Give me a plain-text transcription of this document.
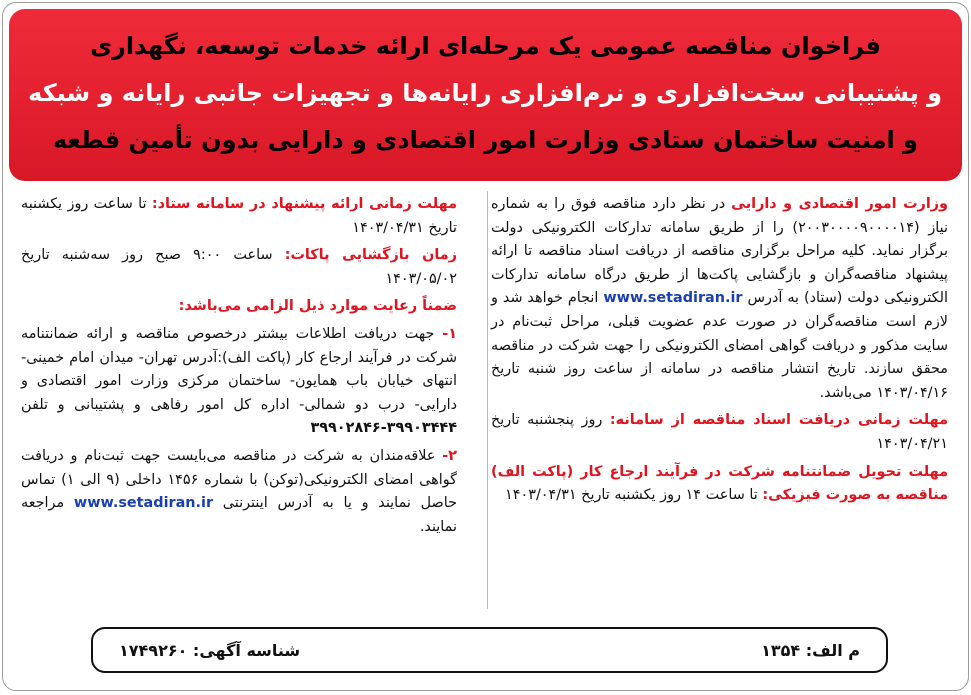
فراخوان مناقصه عمومی یک مرحله‌ای ارائه خدمات توسعه، نگهداری
و پشتیبانی سخت‌افزاری و نرم‌افزاری رایانه‌ها و تجهیزات جانبی رایانه و شبکه
و امنیت ساختمان ستادی وزارت امور اقتصادی و دارایی بدون تأمین قطعه

وزارت امور اقتصادی و دارایی در نظر دارد مناقصه فوق را به شماره نیاز (۲۰۰۳۰۰۰۰۹۰۰۰۰۱۴) را از طریق سامانه تدارکات الکترونیکی دولت برگزار نماید. کلیه مراحل برگزاری مناقصه از دریافت اسناد مناقصه تا ارائه پیشنهاد مناقصه‌گران و بازگشایی پاکت‌ها از طریق درگاه سامانه تدارکات الکترونیکی دولت (ستاد) به آدرس www.setadiran.ir انجام خواهد شد و لازم است مناقصه‌گران در صورت عدم عضویت قبلی، مراحل ثبت‌نام در سایت مذکور و دریافت گواهی امضای الکترونیکی را جهت شرکت در مناقصه محقق سازند. تاریخ انتشار مناقصه در سامانه از ساعت روز شنبه تاریخ ۱۴۰۳/۰۴/۱۶ می‌باشد.

مهلت زمانی دریافت اسناد مناقصه از سامانه: روز پنجشنبه تاریخ ۱۴۰۳/۰۴/۲۱

مهلت تحویل ضمانتنامه شرکت در فرآیند ارجاع کار (پاکت الف) مناقصه به صورت فیزیکی: تا ساعت ۱۴ روز یکشنبه تاریخ ۱۴۰۳/۰۴/۳۱

مهلت زمانی ارائه پیشنهاد در سامانه ستاد: تا ساعت روز یکشنبه تاریخ ۱۴۰۳/۰۴/۳۱

زمان بازگشایی پاکات: ساعت ۹:۰۰ صبح روز سه‌شنبه تاریخ ۱۴۰۳/۰۵/۰۲

ضمناً رعایت موارد ذیل الزامی می‌باشد:

۱- جهت دریافت اطلاعات بیشتر درخصوص مناقصه و ارائه ضمانتنامه شرکت در فرآیند ارجاع کار (پاکت الف):آدرس تهران- میدان امام خمینی- انتهای خیابان باب همایون- ساختمان مرکزی وزارت امور اقتصادی و دارایی- درب دو شمالی- اداره کل امور رفاهی و پشتیبانی و تلفن ۳۹۹۰۳۴۴۴-۳۹۹۰۲۸۴۶

۲- علاقه‌مندان به شرکت در مناقصه می‌بایست جهت ثبت‌نام و دریافت گواهی امضای الکترونیکی(توکن) با شماره ۱۴۵۶ داخلی (۹ الی ۱) تماس حاصل نمایند و یا به آدرس اینترنتی www.setadiran.ir مراجعه نمایند.

م الف: ۱۳۵۴
شناسه آگهی: ۱۷۴۹۲۶۰
